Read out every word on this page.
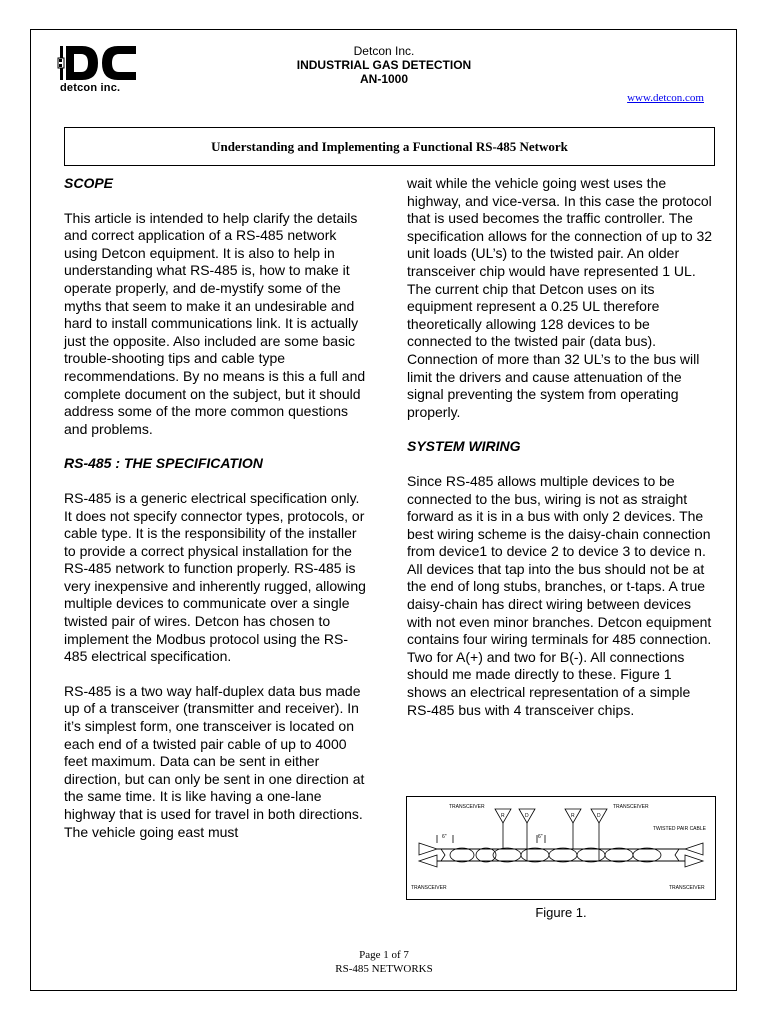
detcon inc.
Detcon Inc.
INDUSTRIAL GAS DETECTION
AN-1000
www.detcon.com
Understanding and Implementing a Functional RS-485 Network

SCOPE

This article is intended to help clarify the details and correct application of a RS-485 network using Detcon equipment. It is also to help in understanding what RS-485 is, how to make it operate properly, and de-mystify some of the myths that seem to make it an undesirable and hard to install communications link. It is actually just the opposite. Also included are some basic trouble-shooting tips and cable type recommendations. By no means is this a full and complete document on the subject, but it should address some of the more common questions and problems.

RS-485 : THE SPECIFICATION

RS-485 is a generic electrical specification only. It does not specify connector types, protocols, or cable type. It is the responsibility of the installer to provide a correct physical installation for the RS-485 network to function properly. RS-485 is very inexpensive and inherently rugged, allowing multiple devices to communicate over a single twisted pair of wires. Detcon has chosen to implement the Modbus protocol using the RS-485 electrical specification.

RS-485 is a two way half-duplex data bus made up of a transceiver (transmitter and receiver). In it’s simplest form, one transceiver is located on each end of a twisted pair cable of up to 4000 feet maximum. Data can be sent in either direction, but can only be sent in one direction at the same time. It is like having a one-lane highway that is used for travel in both directions. The vehicle going east must

wait while the vehicle going west uses the highway, and vice-versa. In this case the protocol that is used becomes the traffic controller. The specification allows for the connection of up to 32 unit loads (UL’s) to the twisted pair. An older transceiver chip would have represented 1 UL. The current chip that Detcon uses on its equipment represent a 0.25 UL therefore theoretically allowing 128 devices to be connected to the twisted pair (data bus). Connection of more than 32 UL’s to the bus will limit the drivers and cause attenuation of the signal preventing the system from operating properly.

SYSTEM WIRING

Since RS-485 allows multiple devices to be connected to the bus, wiring is not as straight forward as it is in a bus with only 2 devices. The best wiring scheme is the daisy-chain connection from device1 to device 2 to device 3 to device n. All devices that tap into the bus should not be at the end of long stubs, branches, or t-taps. A true daisy-chain has direct wiring between devices with not even minor branches. Detcon equipment contains four wiring terminals for 485 connection. Two for A(+) and two for B(-). All connections should me made directly to these. Figure 1 shows an electrical representation of a simple RS-485 bus with 4 transceiver chips.

TRANSCEIVER	TRANSCEIVER
TRANSCEIVER	TRANSCEIVER
TWISTED PAIR CABLE
6"	6"
R	D	R	D
Figure 1.
Page 1 of 7
RS-485 NETWORKS
